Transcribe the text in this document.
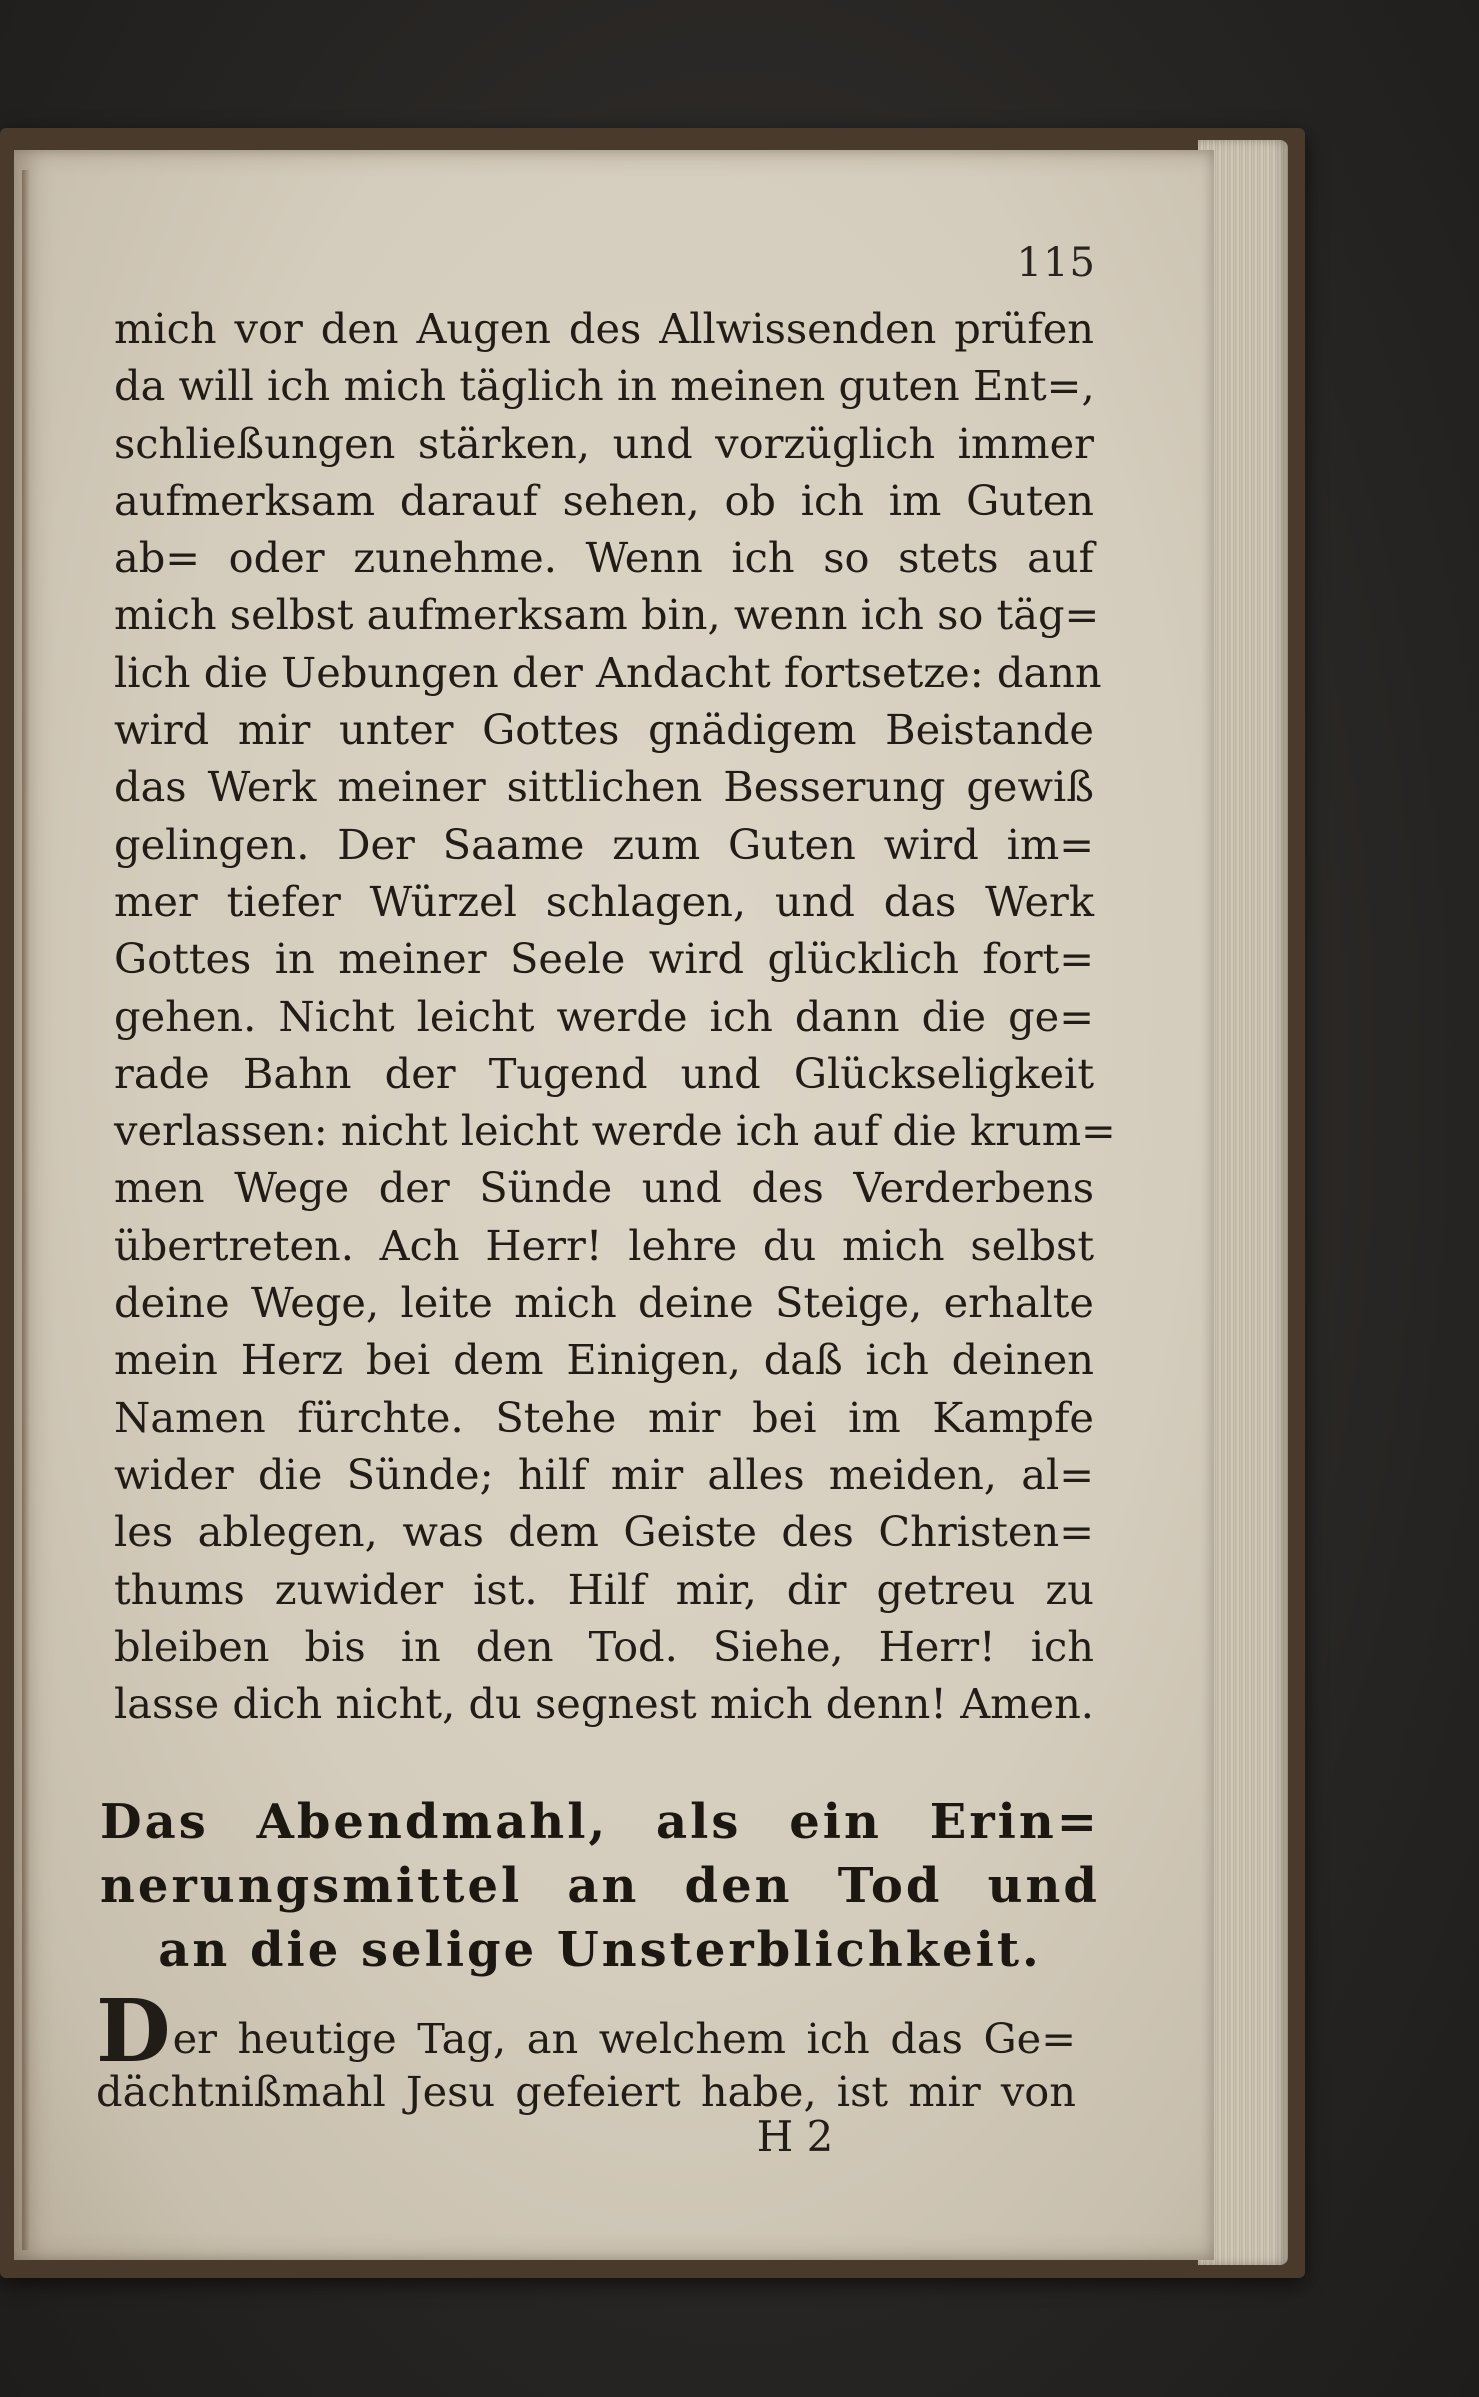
115
mich vor den Augen des Allwissenden prüfen
da will ich mich täglich in meinen guten Ent=,
schließungen stärken, und vorzüglich immer
aufmerksam darauf sehen, ob ich im Guten
ab= oder zunehme. Wenn ich so stets auf
mich selbst aufmerksam bin, wenn ich so täg=
lich die Uebungen der Andacht fortsetze: dann
wird mir unter Gottes gnädigem Beistande
das Werk meiner sittlichen Besserung gewiß
gelingen. Der Saame zum Guten wird im=
mer tiefer Würzel schlagen, und das Werk
Gottes in meiner Seele wird glücklich fort=
gehen. Nicht leicht werde ich dann die ge=
rade Bahn der Tugend und Glückseligkeit
verlassen: nicht leicht werde ich auf die krum=
men Wege der Sünde und des Verderbens
übertreten. Ach Herr! lehre du mich selbst
deine Wege, leite mich deine Steige, erhalte
mein Herz bei dem Einigen, daß ich deinen
Namen fürchte. Stehe mir bei im Kampfe
wider die Sünde; hilf mir alles meiden, al=
les ablegen, was dem Geiste des Christen=
thums zuwider ist. Hilf mir, dir getreu zu
bleiben bis in den Tod. Siehe, Herr! ich
lasse dich nicht, du segnest mich denn! Amen.
Das Abendmahl, als ein Erin=
nerungsmittel an den Tod und
an die selige Unsterblichkeit.
Der heutige Tag, an welchem ich das Ge=
dächtnißmahl Jesu gefeiert habe, ist mir von
H 2
